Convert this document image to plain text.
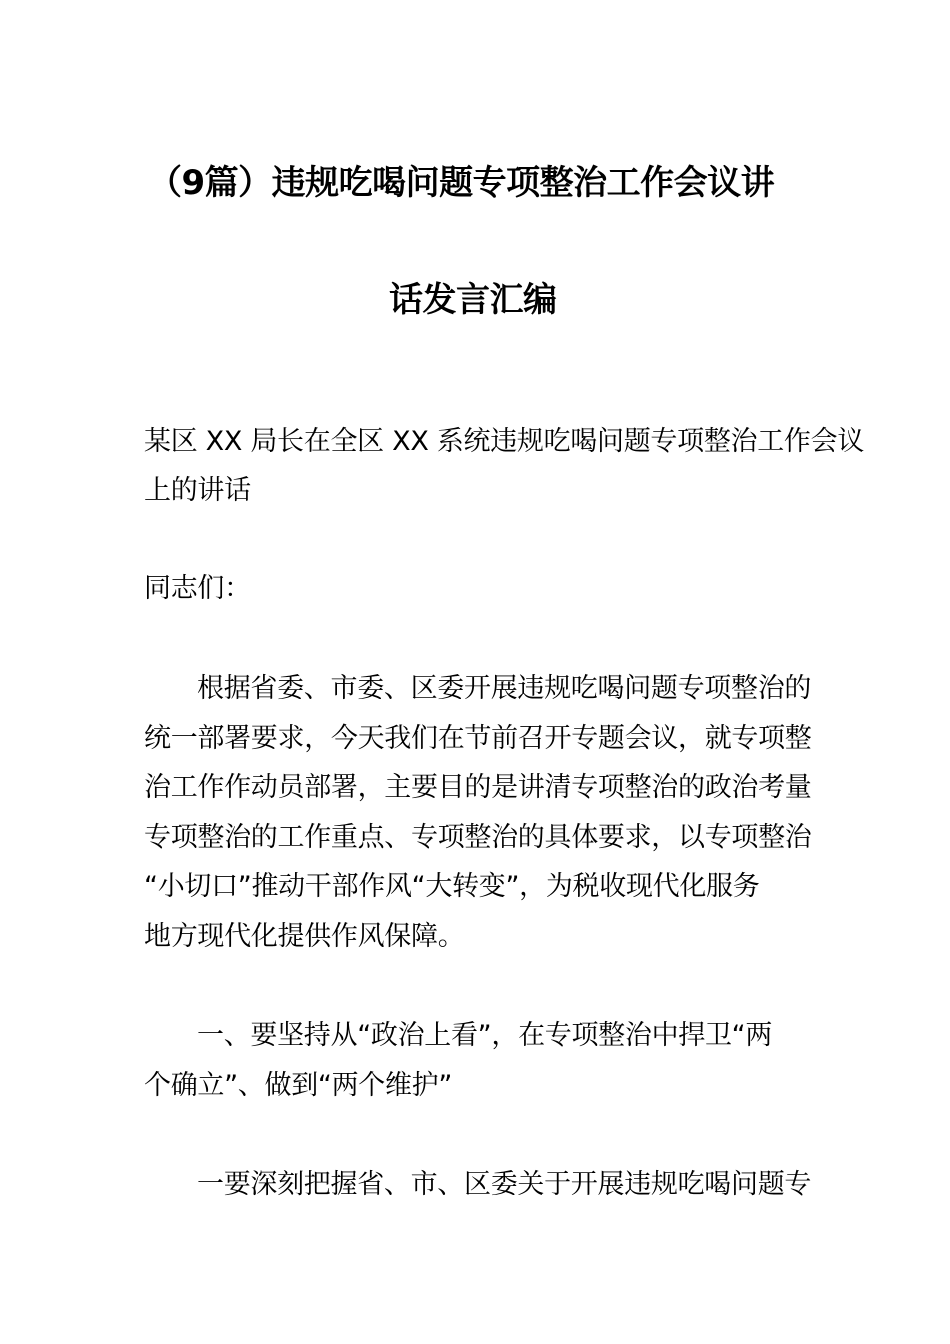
（9篇）违规吃喝问题专项整治工作会议讲
话发言汇编
某区 XX 局长在全区 XX 系统违规吃喝问题专项整治工作会议
上的讲话
同志们：
根据省委、市委、区委开展违规吃喝问题专项整治的
统一部署要求，今天我们在节前召开专题会议，就专项整
治工作作动员部署，主要目的是讲清专项整治的政治考量
专项整治的工作重点、专项整治的具体要求，以专项整治
“小切口”推动干部作风“大转变”，为税收现代化服务
地方现代化提供作风保障。
一、要坚持从“政治上看”，在专项整治中捍卫“两
个确立”、做到“两个维护”
一要深刻把握省、市、区委关于开展违规吃喝问题专
